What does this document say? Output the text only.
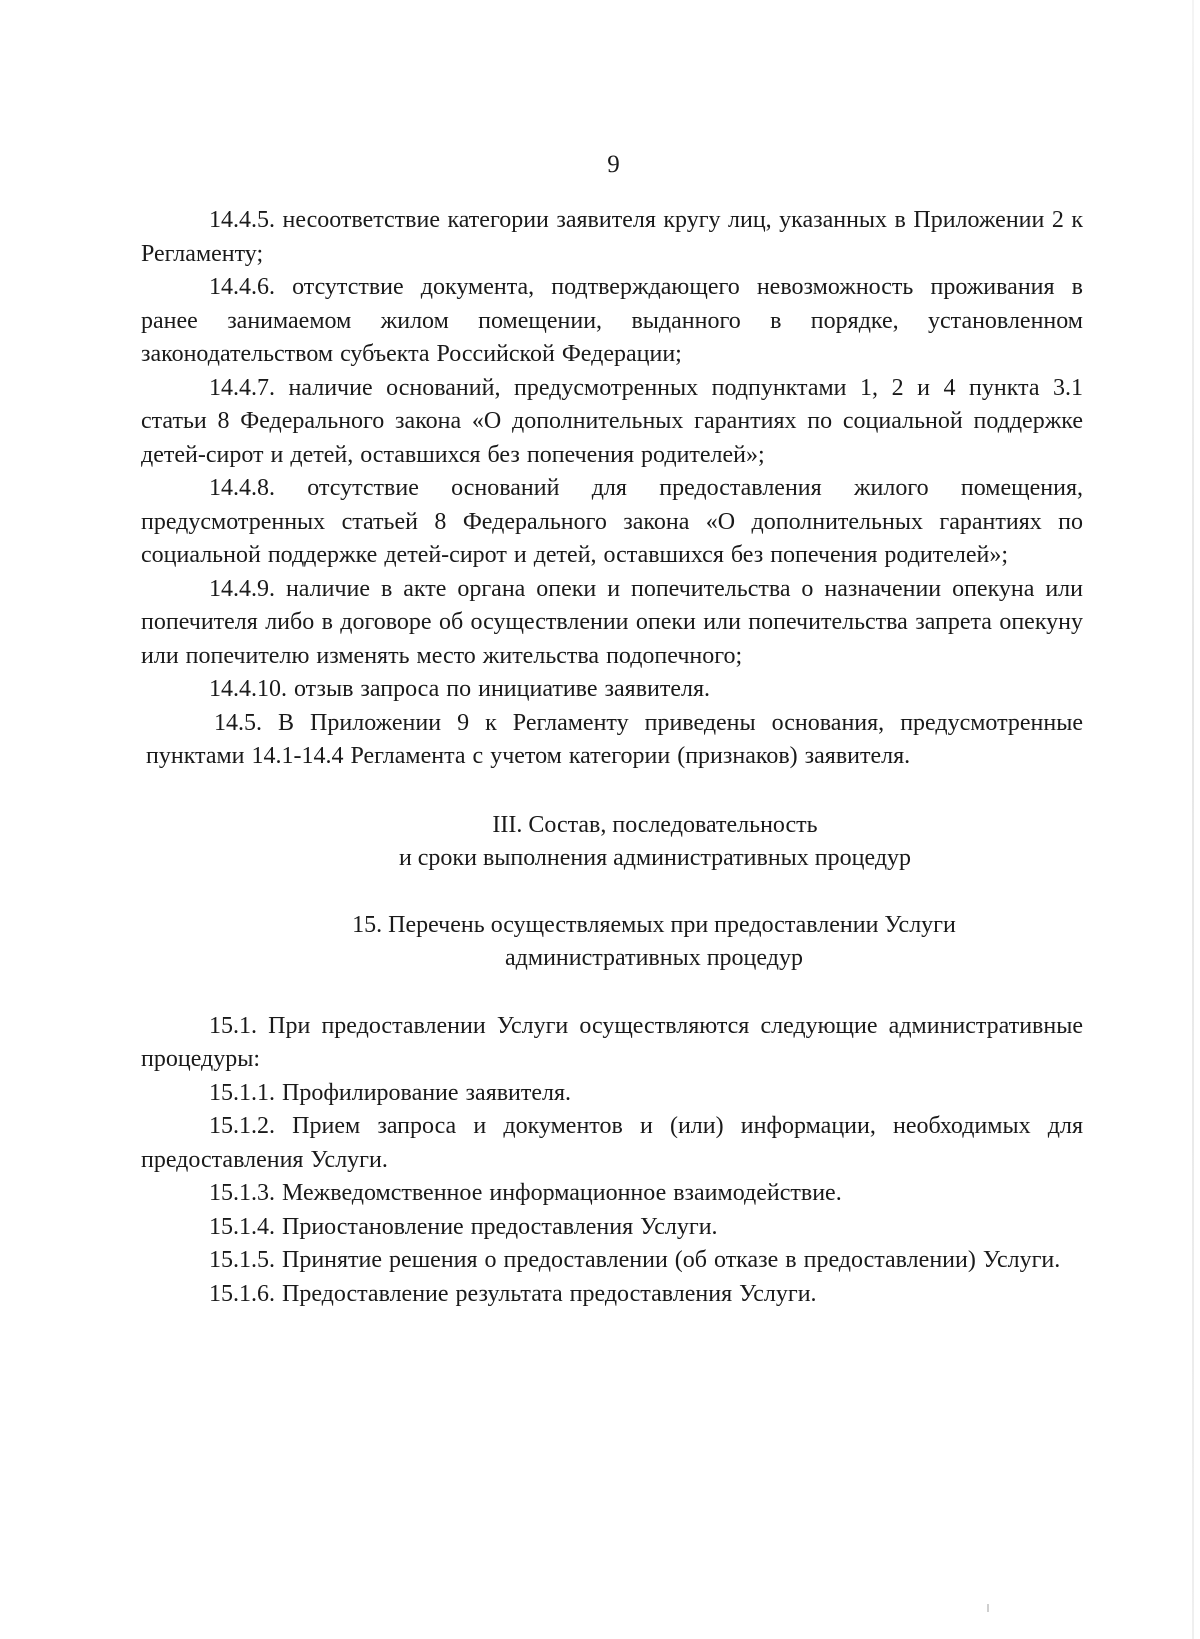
9

14.4.5. несоответствие категории заявителя кругу лиц, указанных в Приложении 2 к Регламенту;

14.4.6. отсутствие документа, подтверждающего невозможность проживания в ранее занимаемом жилом помещении, выданного в порядке, установленном законодательством субъекта Российской Федерации;

14.4.7. наличие оснований, предусмотренных подпунктами 1, 2 и 4 пункта 3.1 статьи 8 Федерального закона «О дополнительных гарантиях по социальной поддержке детей-сирот и детей, оставшихся без попечения родителей»;

14.4.8. отсутствие оснований для предоставления жилого помещения, предусмотренных статьей 8 Федерального закона «О дополнительных гарантиях по социальной поддержке детей-сирот и детей, оставшихся без попечения родителей»;

14.4.9. наличие в акте органа опеки и попечительства о назначении опекуна или попечителя либо в договоре об осуществлении опеки или попечительства запрета опекуну или попечителю изменять место жительства подопечного;

14.4.10. отзыв запроса по инициативе заявителя.

14.5. В Приложении 9 к Регламенту приведены основания, предусмотренные пунктами 14.1-14.4 Регламента с учетом категории (признаков) заявителя.

III. Состав, последовательность
и сроки выполнения административных процедур
15. Перечень осуществляемых при предоставлении Услуги
административных процедур

15.1. При предоставлении Услуги осуществляются следующие административные процедуры:

15.1.1. Профилирование заявителя.

15.1.2. Прием запроса и документов и (или) информации, необходимых для предоставления Услуги.

15.1.3. Межведомственное информационное взаимодействие.

15.1.4. Приостановление предоставления Услуги.

15.1.5. Принятие решения о предоставлении (об отказе в предоставлении) Услуги.

15.1.6. Предоставление результата предоставления Услуги.
